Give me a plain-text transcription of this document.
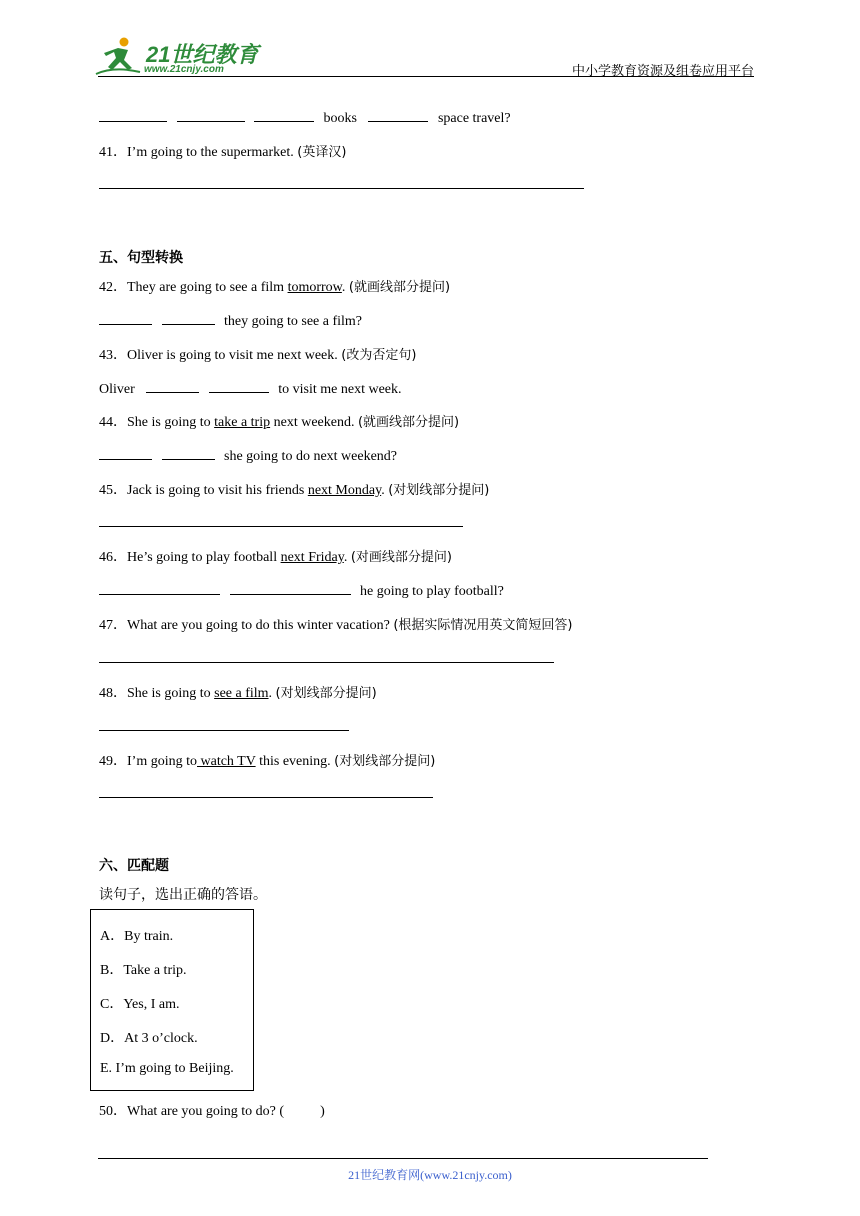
21世纪教育
www.21cnjy.com	中小学教育资源及组卷应用平台
books	space travel?
41．I’m going to the supermarket. (英译汉)
五、句型转换
42．They are going to see a film tomorrow. (就画线部分提问)
they going to see a film?
43．Oliver is going to visit me next week. (改为否定句)
Oliver	to visit me next week.
44．She is going to take a trip next weekend. (就画线部分提问)
she going to do next weekend?
45．Jack is going to visit his friends next Monday. (对划线部分提问)
46．He’s going to play football next Friday. (对画线部分提问)
he going to play football?
47．What are you going to do this winter vacation? (根据实际情况用英文简短回答)
48．She is going to see a film. (对划线部分提问)
49．I’m going to watch TV this evening. (对划线部分提问)
六、匹配题
读句子，选出正确的答语。
A．By train.
B．Take a trip.
C．Yes, I am.
D．At 3 o’clock.
E. I’m going to Beijing.
50．What are you going to do? (	)
21世纪教育网(www.21cnjy.com)
